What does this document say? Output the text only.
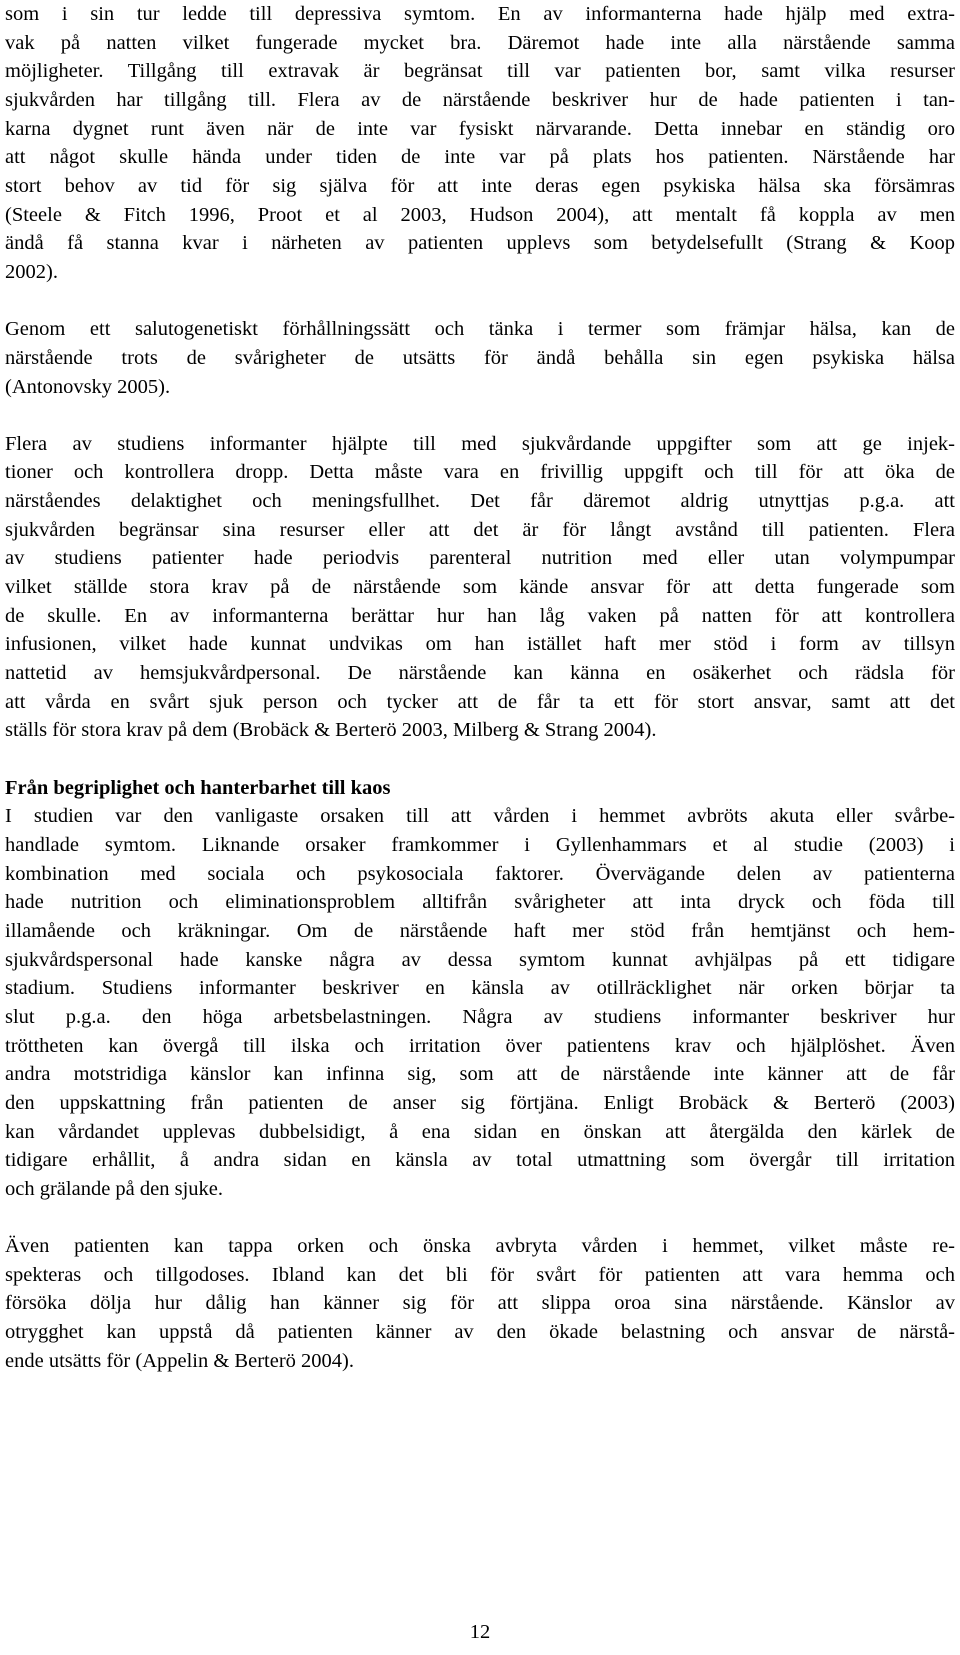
som i sin tur ledde till depressiva symtom. En av informanterna hade hjälp med extra-
vak på natten vilket fungerade mycket bra. Däremot hade inte alla närstående samma
möjligheter. Tillgång till extravak är begränsat till var patienten bor, samt vilka resurser
sjukvården har tillgång till. Flera av de närstående beskriver hur de hade patienten i tan-
karna dygnet runt även när de inte var fysiskt närvarande. Detta innebar en ständig oro
att något skulle hända under tiden de inte var på plats hos patienten. Närstående har
stort behov av tid för sig själva för att inte deras egen psykiska hälsa ska försämras
(Steele & Fitch 1996, Proot et al 2003, Hudson 2004), att mentalt få koppla av men
ändå få stanna kvar i närheten av patienten upplevs som betydelsefullt (Strang & Koop
2002).
Genom ett salutogenetiskt förhållningssätt och tänka i termer som främjar hälsa, kan de
närstående trots de svårigheter de utsätts för ändå behålla sin egen psykiska hälsa
(Antonovsky 2005).
Flera av studiens informanter hjälpte till med sjukvårdande uppgifter som att ge injek-
tioner och kontrollera dropp. Detta måste vara en frivillig uppgift och till för att öka de
närståendes delaktighet och meningsfullhet. Det får däremot aldrig utnyttjas p.g.a. att
sjukvården begränsar sina resurser eller att det är för långt avstånd till patienten. Flera
av studiens patienter hade periodvis parenteral nutrition med eller utan volympumpar
vilket ställde stora krav på de närstående som kände ansvar för att detta fungerade som
de skulle. En av informanterna berättar hur han låg vaken på natten för att kontrollera
infusionen, vilket hade kunnat undvikas om han istället haft mer stöd i form av tillsyn
nattetid av hemsjukvårdpersonal. De närstående kan känna en osäkerhet och rädsla för
att vårda en svårt sjuk person och tycker att de får ta ett för stort ansvar, samt att det
ställs för stora krav på dem (Brobäck & Berterö 2003, Milberg & Strang 2004).
Från begriplighet och hanterbarhet till kaos
I studien var den vanligaste orsaken till att vården i hemmet avbröts akuta eller svårbe-
handlade symtom. Liknande orsaker framkommer i Gyllenhammars et al studie (2003) i
kombination med sociala och psykosociala faktorer. Övervägande delen av patienterna
hade nutrition och eliminationsproblem alltifrån svårigheter att inta dryck och föda till
illamående och kräkningar. Om de närstående haft mer stöd från hemtjänst och hem-
sjukvårdspersonal hade kanske några av dessa symtom kunnat avhjälpas på ett tidigare
stadium. Studiens informanter beskriver en känsla av otillräcklighet när orken börjar ta
slut p.g.a. den höga arbetsbelastningen. Några av studiens informanter beskriver hur
tröttheten kan övergå till ilska och irritation över patientens krav och hjälplöshet. Även
andra motstridiga känslor kan infinna sig, som att de närstående inte känner att de får
den uppskattning från patienten de anser sig förtjäna. Enligt Brobäck & Berterö (2003)
kan vårdandet upplevas dubbelsidigt, å ena sidan en önskan att återgälda den kärlek de
tidigare erhållit, å andra sidan en känsla av total utmattning som övergår till irritation
och grälande på den sjuke.
Även patienten kan tappa orken och önska avbryta vården i hemmet, vilket måste re-
spekteras och tillgodoses. Ibland kan det bli för svårt för patienten att vara hemma och
försöka dölja hur dålig han känner sig för att slippa oroa sina närstående. Känslor av
otrygghet kan uppstå då patienten känner av den ökade belastning och ansvar de närstå-
ende utsätts för (Appelin & Berterö 2004).
12
